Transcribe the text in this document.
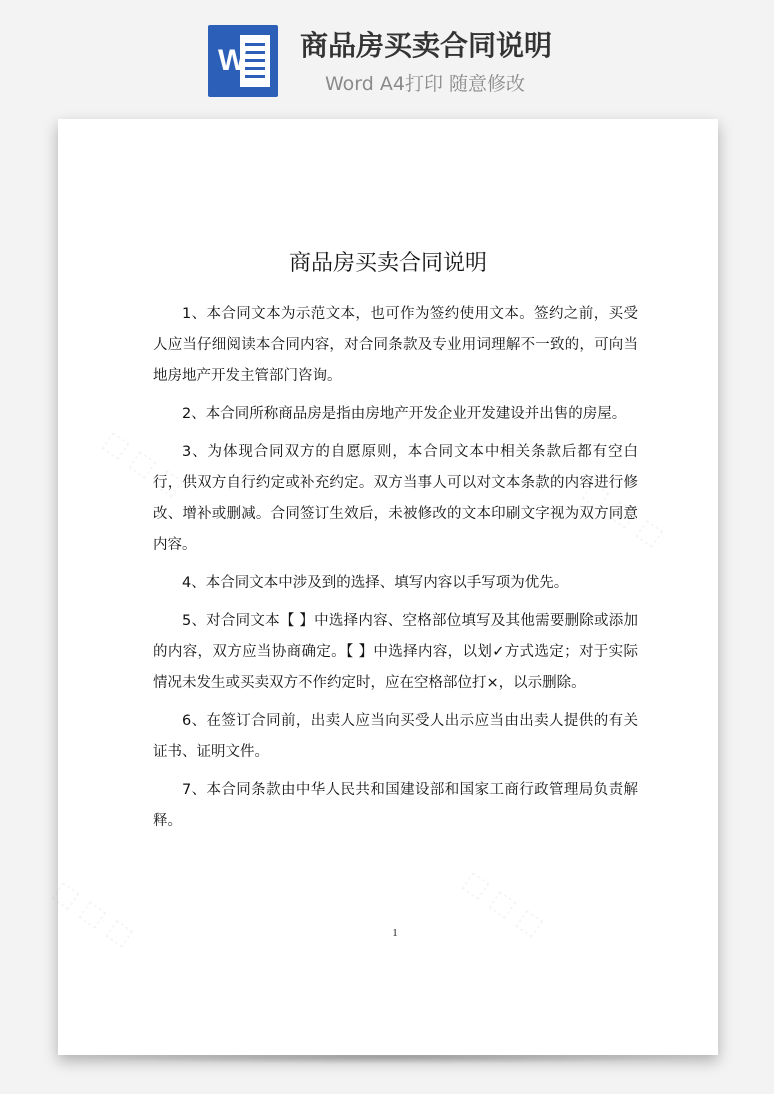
W 商品房买卖合同说明
Word A4打印 随意修改
⬚ ⬚ ⬚
⬚ ⬚ ⬚
⬚ ⬚ ⬚	⬚ ⬚ ⬚
商品房买卖合同说明

1、本合同文本为示范文本，也可作为签约使用文本。签约之前，买受人应当仔细阅读本合同内容，对合同条款及专业用词理解不一致的，可向当地房地产开发主管部门咨询。

2、本合同所称商品房是指由房地产开发企业开发建设并出售的房屋。

3、为体现合同双方的自愿原则，本合同文本中相关条款后都有空白行，供双方自行约定或补充约定。双方当事人可以对文本条款的内容进行修改、增补或删减。合同签订生效后，未被修改的文本印刷文字视为双方同意内容。

4、本合同文本中涉及到的选择、填写内容以手写项为优先。

5、对合同文本【 】中选择内容、空格部位填写及其他需要删除或添加的内容，双方应当协商确定。【 】中选择内容，以划✓方式选定；对于实际情况未发生或买卖双方不作约定时，应在空格部位打×，以示删除。

6、在签订合同前，出卖人应当向买受人出示应当由出卖人提供的有关证书、证明文件。

7、本合同条款由中华人民共和国建设部和国家工商行政管理局负责解释。

1
